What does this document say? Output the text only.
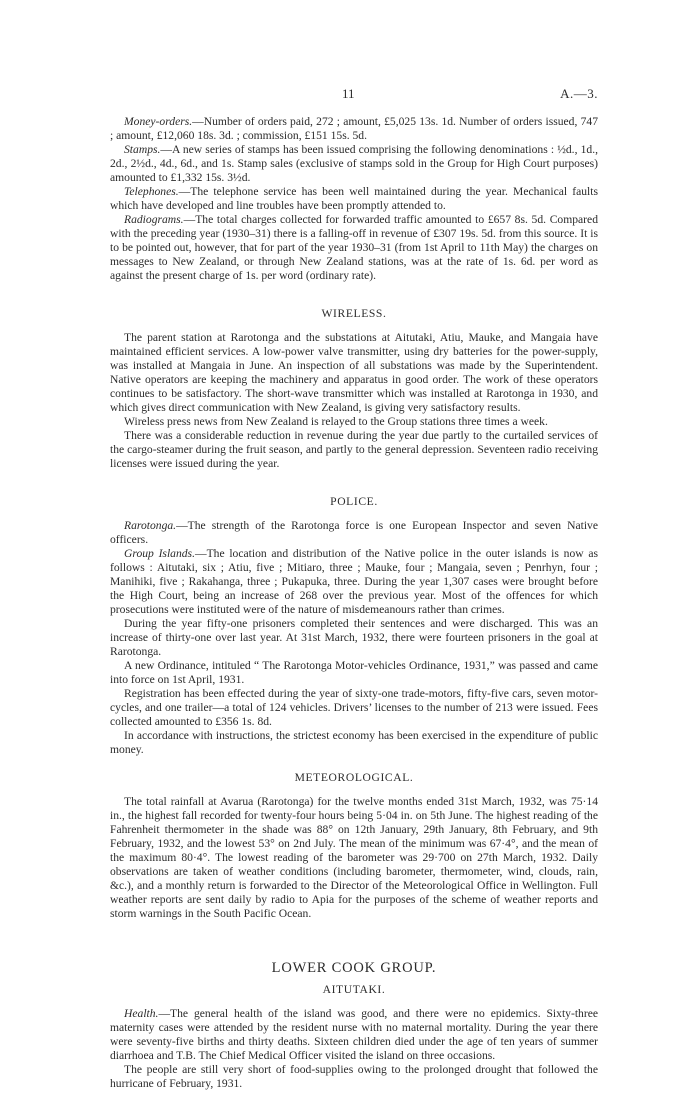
11	A.—3.

Money-orders.—Number of orders paid, 272 ; amount, £5,025 13s. 1d. Number of orders issued, 747 ; amount, £12,060 18s. 3d. ; commission, £151 15s. 5d.

Stamps.—A new series of stamps has been issued comprising the following denominations : ½d., 1d., 2d., 2½d., 4d., 6d., and 1s. Stamp sales (exclusive of stamps sold in the Group for High Court purposes) amounted to £1,332 15s. 3½d.

Telephones.—The telephone service has been well maintained during the year. Mechanical faults which have developed and line troubles have been promptly attended to.

Radiograms.—The total charges collected for forwarded traffic amounted to £657 8s. 5d. Compared with the preceding year (1930–31) there is a falling-off in revenue of £307 19s. 5d. from this source. It is to be pointed out, however, that for part of the year 1930–31 (from 1st April to 11th May) the charges on messages to New Zealand, or through New Zealand stations, was at the rate of 1s. 6d. per word as against the present charge of 1s. per word (ordinary rate).

WIRELESS.

The parent station at Rarotonga and the substations at Aitutaki, Atiu, Mauke, and Mangaia have maintained efficient services. A low-power valve transmitter, using dry batteries for the power-supply, was installed at Mangaia in June. An inspection of all substations was made by the Superintendent. Native operators are keeping the machinery and apparatus in good order. The work of these operators continues to be satisfactory. The short-wave transmitter which was installed at Rarotonga in 1930, and which gives direct communication with New Zealand, is giving very satisfactory results.

Wireless press news from New Zealand is relayed to the Group stations three times a week.

There was a considerable reduction in revenue during the year due partly to the curtailed services of the cargo-steamer during the fruit season, and partly to the general depression. Seventeen radio receiving licenses were issued during the year.

POLICE.

Rarotonga.—The strength of the Rarotonga force is one European Inspector and seven Native officers.

Group Islands.—The location and distribution of the Native police in the outer islands is now as follows : Aitutaki, six ; Atiu, five ; Mitiaro, three ; Mauke, four ; Mangaia, seven ; Penrhyn, four ; Manihiki, five ; Rakahanga, three ; Pukapuka, three. During the year 1,307 cases were brought before the High Court, being an increase of 268 over the previous year. Most of the offences for which prosecutions were instituted were of the nature of misdemeanours rather than crimes.

During the year fifty-one prisoners completed their sentences and were discharged. This was an increase of thirty-one over last year. At 31st March, 1932, there were fourteen prisoners in the goal at Rarotonga.

A new Ordinance, intituled “ The Rarotonga Motor-vehicles Ordinance, 1931,” was passed and came into force on 1st April, 1931.

Registration has been effected during the year of sixty-one trade-motors, fifty-five cars, seven motor-cycles, and one trailer—a total of 124 vehicles. Drivers’ licenses to the number of 213 were issued. Fees collected amounted to £356 1s. 8d.

In accordance with instructions, the strictest economy has been exercised in the expenditure of public money.

METEOROLOGICAL.

The total rainfall at Avarua (Rarotonga) for the twelve months ended 31st March, 1932, was 75·14 in., the highest fall recorded for twenty-four hours being 5·04 in. on 5th June. The highest reading of the Fahrenheit thermometer in the shade was 88° on 12th January, 29th January, 8th February, and 9th February, 1932, and the lowest 53° on 2nd July. The mean of the minimum was 67·4°, and the mean of the maximum 80·4°. The lowest reading of the barometer was 29·700 on 27th March, 1932. Daily observations are taken of weather conditions (including barometer, thermometer, wind, clouds, rain, &c.), and a monthly return is forwarded to the Director of the Meteorological Office in Wellington. Full weather reports are sent daily by radio to Apia for the purposes of the scheme of weather reports and storm warnings in the South Pacific Ocean.

LOWER COOK GROUP.
AITUTAKI.

Health.—The general health of the island was good, and there were no epidemics. Sixty-three maternity cases were attended by the resident nurse with no maternal mortality. During the year there were seventy-five births and thirty deaths. Sixteen children died under the age of ten years of summer diarrhoea and T.B. The Chief Medical Officer visited the island on three occasions.

The people are still very short of food-supplies owing to the prolonged drought that followed the hurricane of February, 1931.
